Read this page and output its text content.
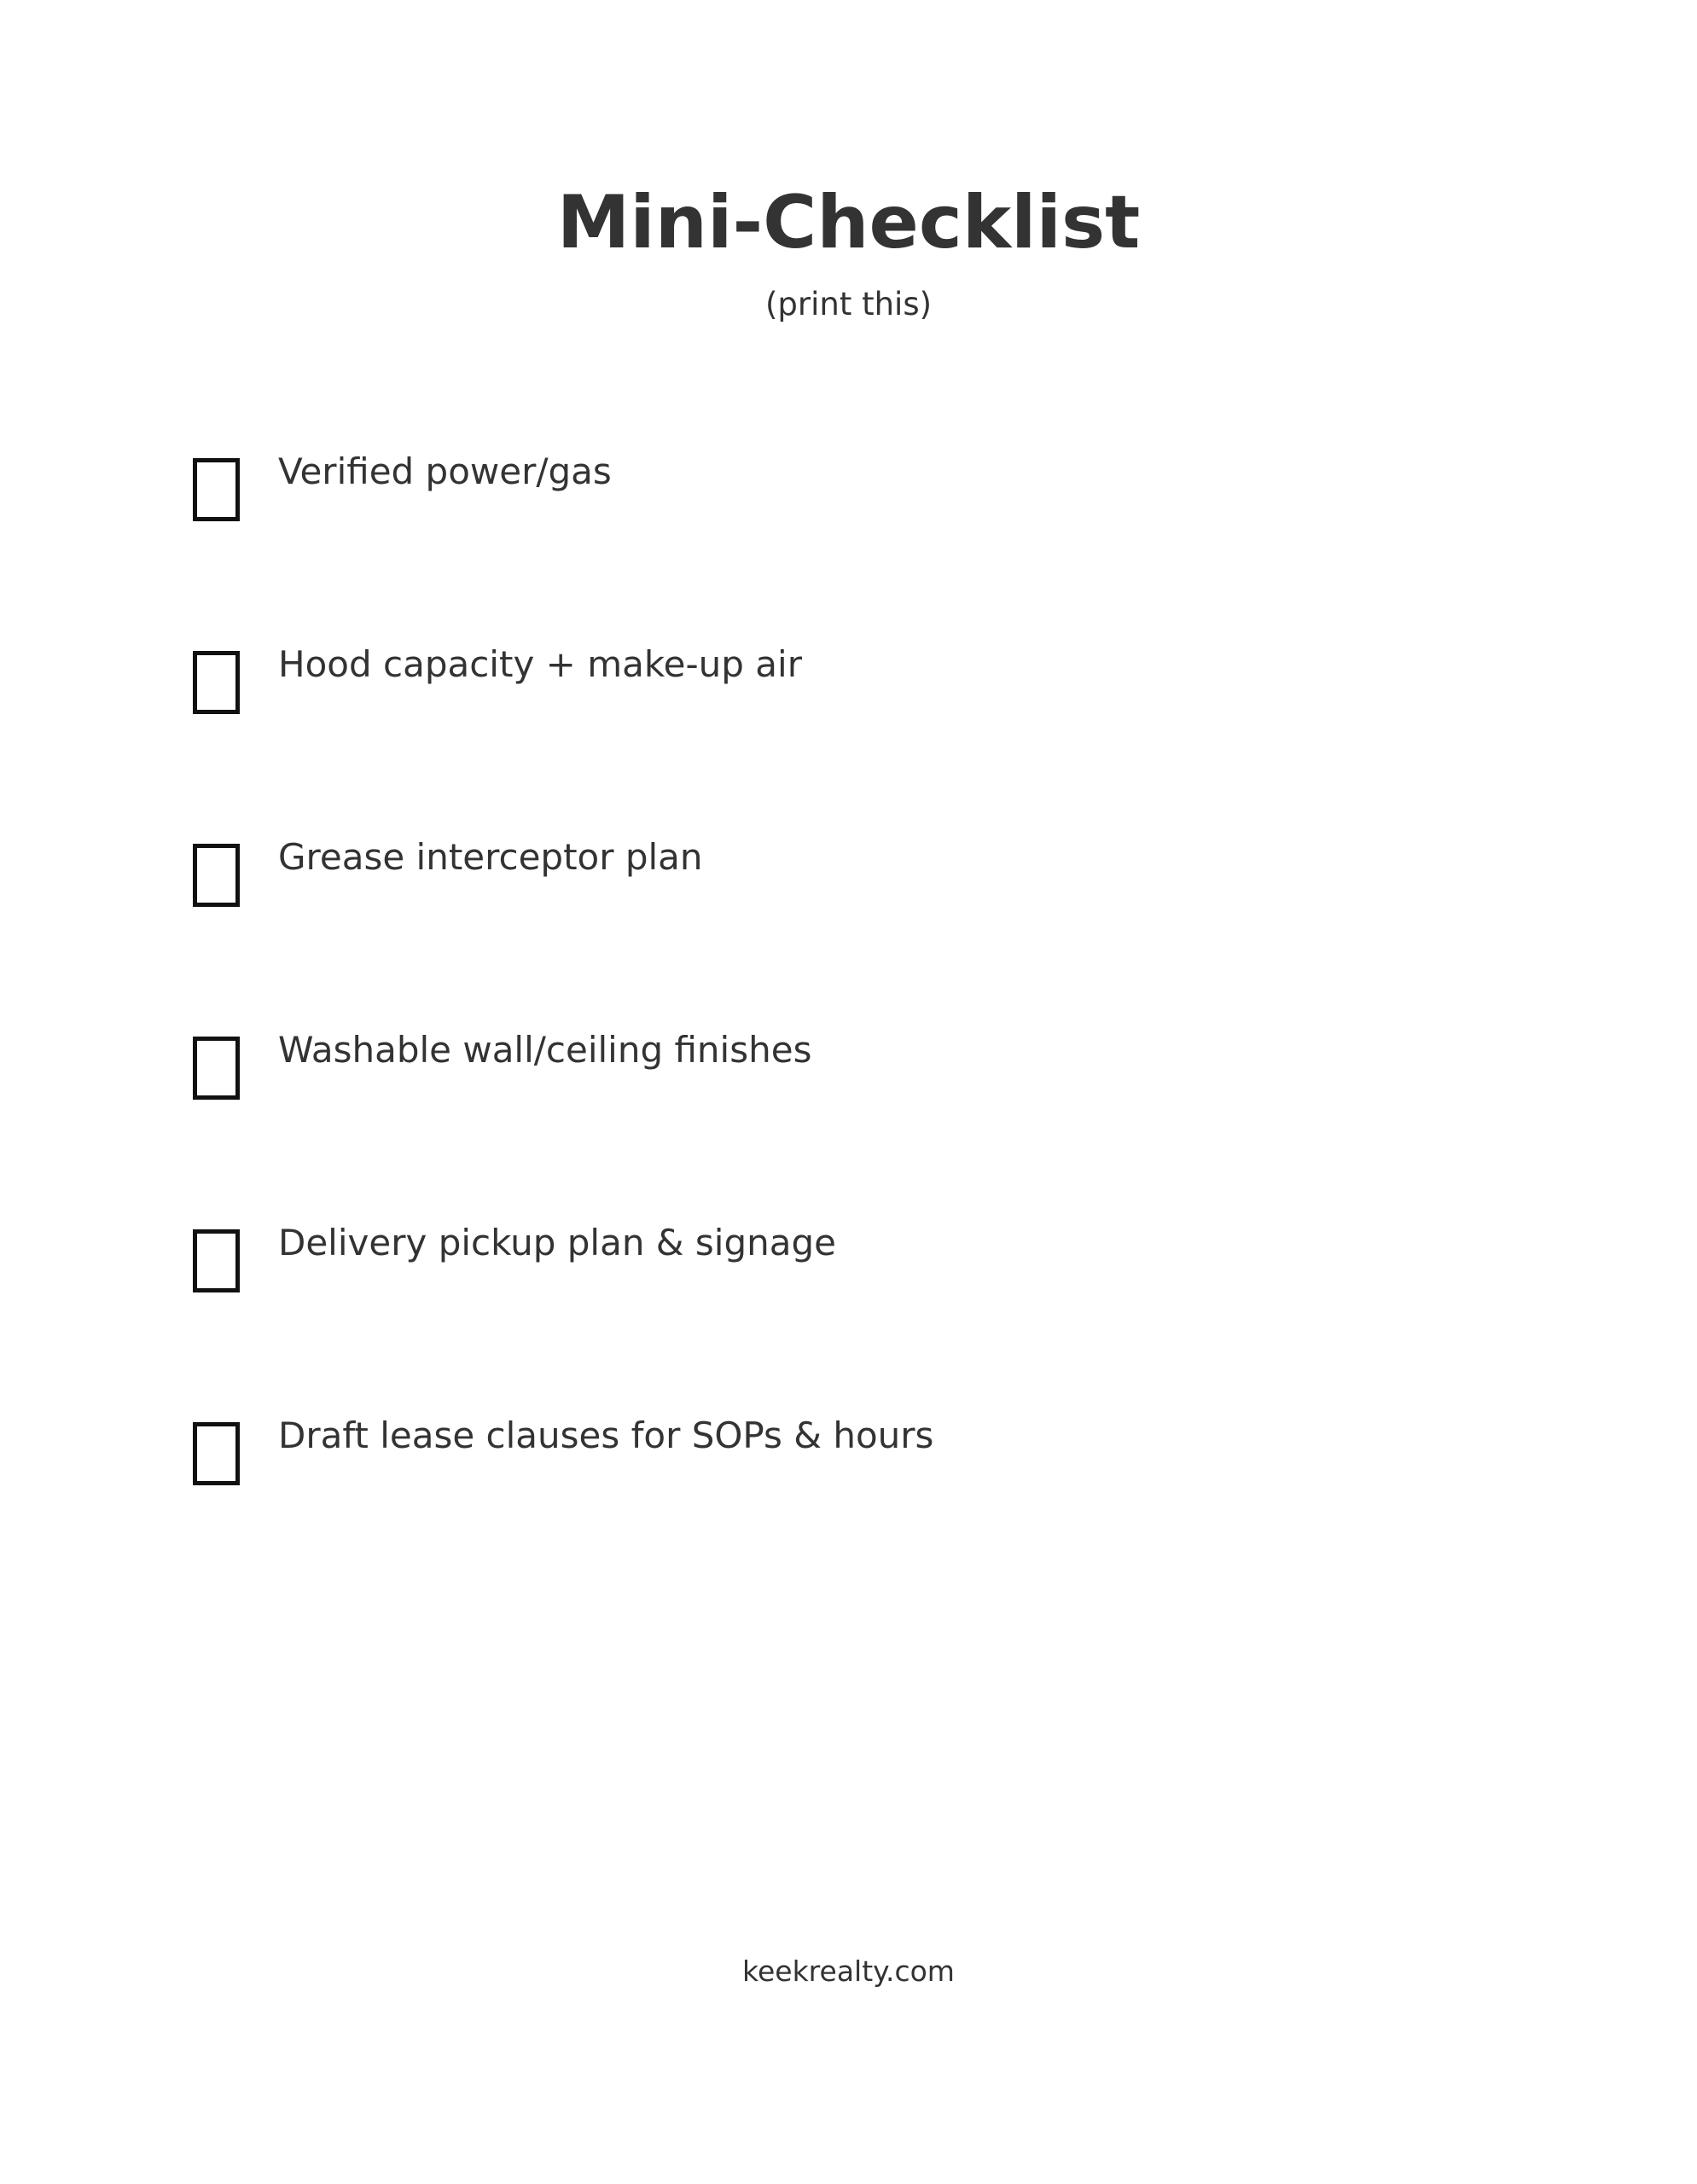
Mini-Checklist
(print this)
Verified power/gas
Hood capacity + make-up air
Grease interceptor plan
Washable wall/ceiling finishes
Delivery pickup plan & signage
Draft lease clauses for SOPs & hours
keekrealty.com
